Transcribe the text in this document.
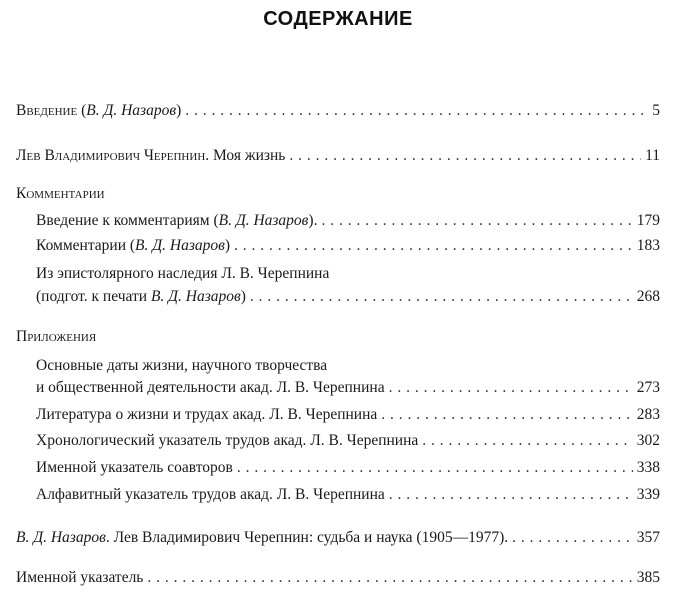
СОДЕРЖАНИЕ
Введение (В. Д. Назаров) . . .	5
Лев Владимирович Черепнин. Моя жизнь . . .	11
Комментарии
Введение к комментариям (В. Д. Назаров). . . .	179
Комментарии (В. Д. Назаров) . . .	183
Из эпистолярного наследия Л. В. Черепнина
(подгот. к печати В. Д. Назаров) . . .	268
Приложения
Основные даты жизни, научного творчества
и общественной деятельности акад. Л. В. Черепнина . . .	273
Литература о жизни и трудах акад. Л. В. Черепнина . . .	283
Хронологический указатель трудов акад. Л. В. Черепнина . . .	302
Именной указатель соавторов . . .	338
Алфавитный указатель трудов акад. Л. В. Черепнина . . .	339
В. Д. Назаров. Лев Владимирович Черепнин: судьба и наука (1905—1977). . . .	357
Именной указатель . . .	385
